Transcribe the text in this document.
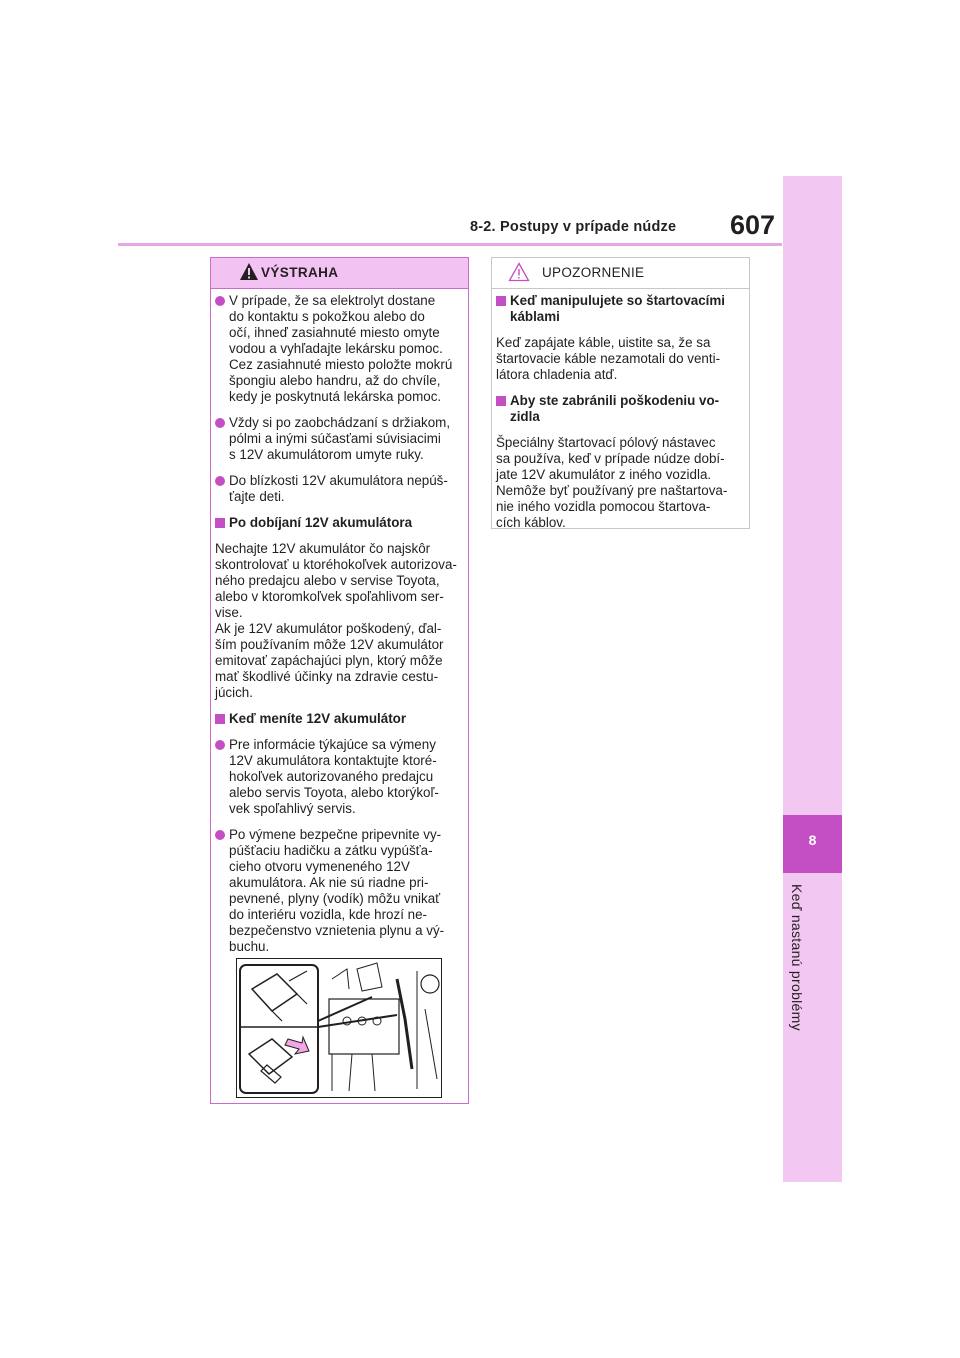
8-2. Postupy v prípade núdze 607
8
Keď nastanú problémy
VÝSTRAHA
V prípade, že sa elektrolyt dostane
do kontaktu s pokožkou alebo do
očí, ihneď zasiahnuté miesto omyte
vodou a vyhľadajte lekársku pomoc.
Cez zasiahnuté miesto položte mokrú
špongiu alebo handru, až do chvíle,
kedy je poskytnutá lekárska pomoc.
Vždy si po zaobchádzaní s držiakom,
pólmi a inými súčasťami súvisiacimi
s 12V akumulátorom umyte ruky.
Do blízkosti 12V akumulátora nepúš-
ťajte deti.
Po dobíjaní 12V akumulátora
Nechajte 12V akumulátor čo najskôr
skontrolovať u ktoréhokoľvek autorizova-
ného predajcu alebo v servise Toyota,
alebo v ktoromkoľvek spoľahlivom ser-
vise.
Ak je 12V akumulátor poškodený, ďal-
ším používaním môže 12V akumulátor
emitovať zapáchajúci plyn, ktorý môže
mať škodlivé účinky na zdravie cestu-
júcich.
Keď meníte 12V akumulátor
Pre informácie týkajúce sa výmeny
12V akumulátora kontaktujte ktoré-
hokoľvek autorizovaného predajcu
alebo servis Toyota, alebo ktorýkoľ-
vek spoľahlivý servis.
Po výmene bezpečne pripevnite vy-
púšťaciu hadičku a zátku vypúšťa-
cieho otvoru vymeneného 12V
akumulátora. Ak nie sú riadne pri-
pevnené, plyny (vodík) môžu vnikať
do interiéru vozidla, kde hrozí ne-
bezpečenstvo vznietenia plynu a vý-
buchu.
UPOZORNENIE
Keď manipulujete so štartovacími
káblami
Keď zapájate káble, uistite sa, že sa
štartovacie káble nezamotali do venti-
látora chladenia atď.
Aby ste zabránili poškodeniu vo-
zidla
Špeciálny štartovací pólový nástavec
sa používa, keď v prípade núdze dobí-
jate 12V akumulátor z iného vozidla.
Nemôže byť používaný pre naštartova-
nie iného vozidla pomocou štartova-
cích káblov.
